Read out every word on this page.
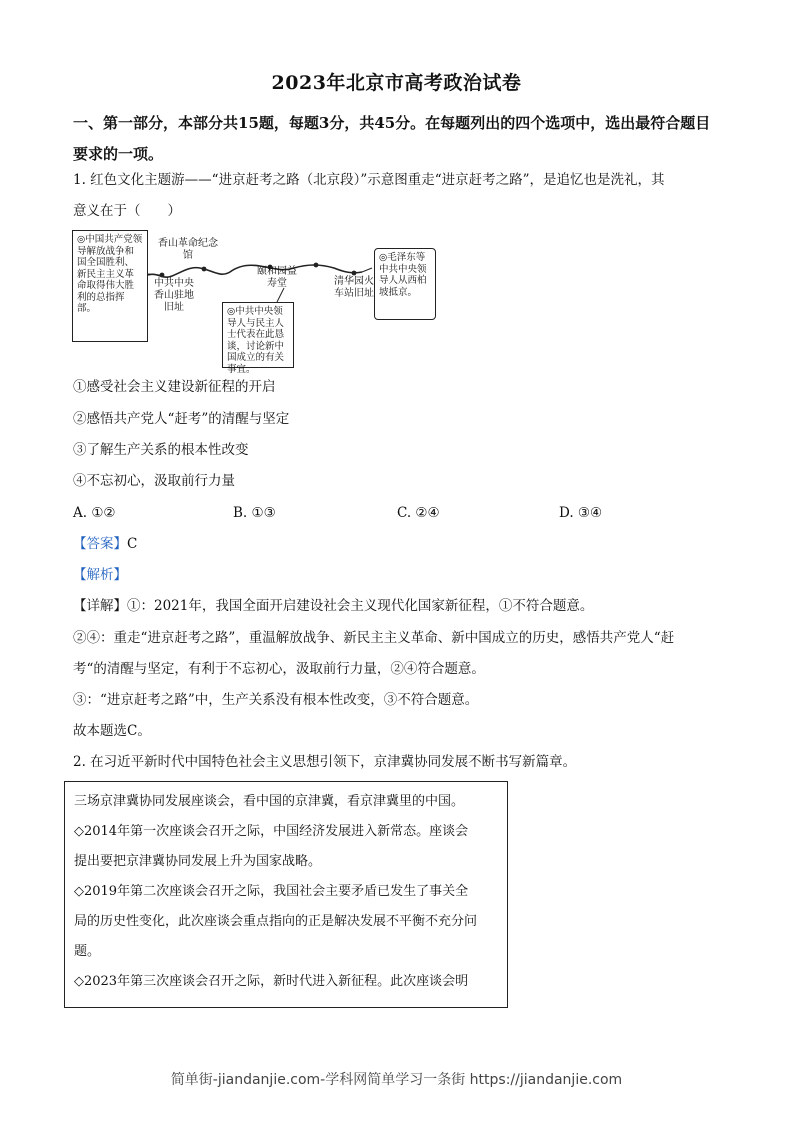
2023年北京市高考政治试卷
一、第一部分，本部分共15题，每题3分，共45分。在每题列出的四个选项中，选出最符合题目要求的一项。
1. 红色文化主题游——“进京赶考之路（北京段）”示意图重走“进京赶考之路”，是追忆也是洗礼，其
意义在于（　　）
◎中国共产党领导解放战争和国全国胜利、新民主主义革命取得伟大胜利的总指挥部。
香山革命纪念馆
中共中央香山驻地旧址
颐和园益寿堂	清华园火车站旧址
◎中共中央领导人与民主人士代表在此恳谈，讨论新中国成立的有关事宜。
◎毛泽东等中共中央领导人从西柏坡抵京。
①感受社会主义建设新征程的开启
②感悟共产党人“赶考”的清醒与坚定
③了解生产关系的根本性改变
④不忘初心，汲取前行力量
A. ①②	B. ①③	C. ②④	D. ③④
【答案】C
【解析】
【详解】①：2021年，我国全面开启建设社会主义现代化国家新征程，①不符合题意。
②④：重走“进京赶考之路”，重温解放战争、新民主主义革命、新中国成立的历史，感悟共产党人“赶
考“的清醒与坚定，有利于不忘初心，汲取前行力量，②④符合题意。
③：“进京赶考之路”中，生产关系没有根本性改变，③不符合题意。
故本题选C。
2. 在习近平新时代中国特色社会主义思想引领下，京津冀协同发展不断书写新篇章。
三场京津冀协同发展座谈会，看中国的京津冀，看京津冀里的中国。
◇2014年第一次座谈会召开之际，中国经济发展进入新常态。座谈会
提出要把京津冀协同发展上升为国家战略。
◇2019年第二次座谈会召开之际，我国社会主要矛盾已发生了事关全
局的历史性变化，此次座谈会重点指向的正是解决发展不平衡不充分问
题。
◇2023年第三次座谈会召开之际，新时代进入新征程。此次座谈会明
简单街-jiandanjie.com-学科网简单学习一条街 https://jiandanjie.com
